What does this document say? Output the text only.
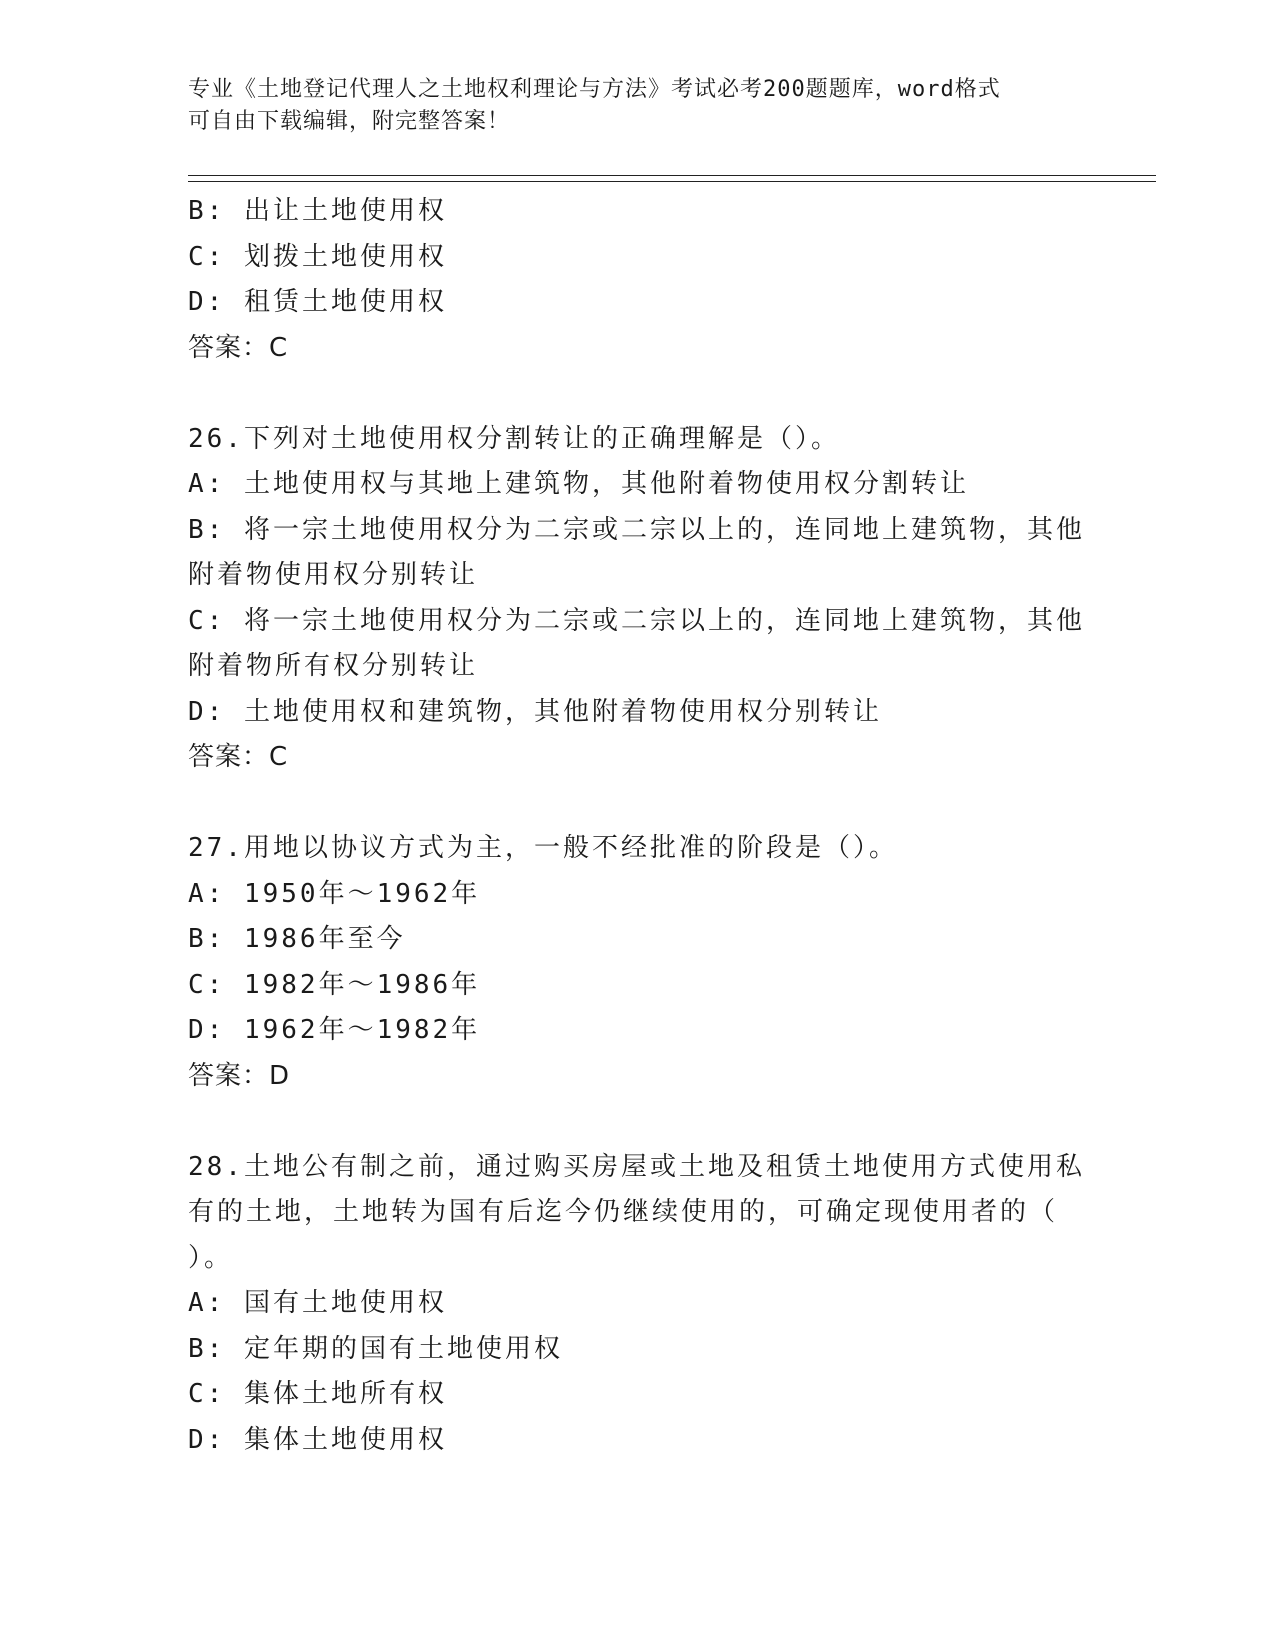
专业《土地登记代理人之土地权利理论与方法》考试必考200题题库，word格式
可自由下载编辑，附完整答案！
B: 出让土地使用权
C: 划拨土地使用权
D: 租赁土地使用权
答案：C
26.下列对土地使用权分割转让的正确理解是（）。
A: 土地使用权与其地上建筑物，其他附着物使用权分割转让
B: 将一宗土地使用权分为二宗或二宗以上的，连同地上建筑物，其他
附着物使用权分别转让
C: 将一宗土地使用权分为二宗或二宗以上的，连同地上建筑物，其他
附着物所有权分别转让
D: 土地使用权和建筑物，其他附着物使用权分别转让
答案：C
27.用地以协议方式为主，一般不经批准的阶段是（）。
A: 1950年～1962年
B: 1986年至今
C: 1982年～1986年
D: 1962年～1982年
答案：D
28.土地公有制之前，通过购买房屋或土地及租赁土地使用方式使用私
有的土地，土地转为国有后迄今仍继续使用的，可确定现使用者的（
）。
A: 国有土地使用权
B: 定年期的国有土地使用权
C: 集体土地所有权
D: 集体土地使用权
